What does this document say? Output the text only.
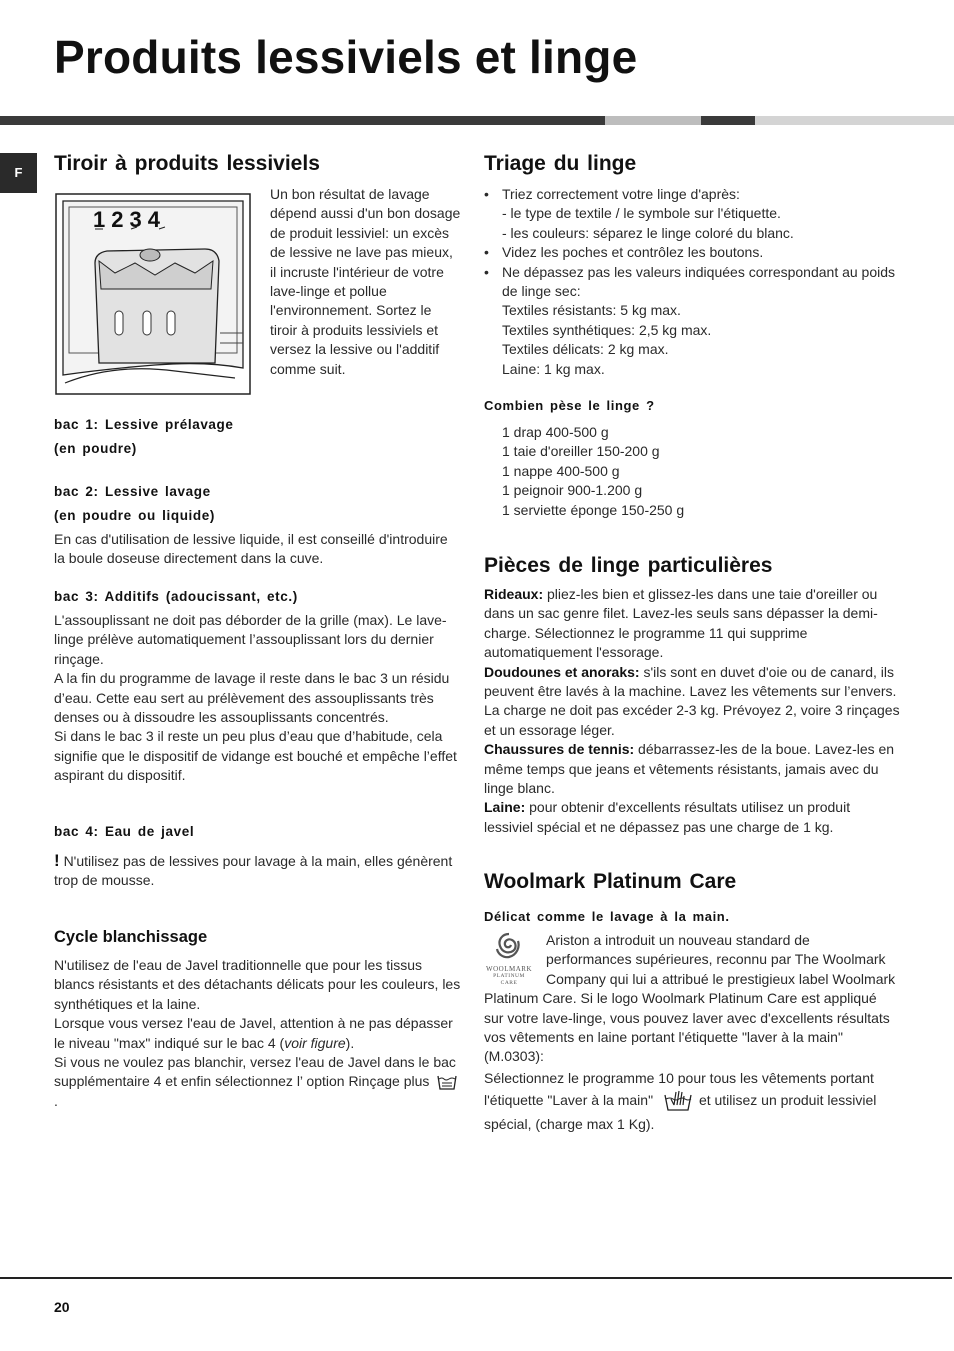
Produits lessiviels et linge
F	Tiroir à produits lessiviels
1234
Un bon résultat de lavage dépend aussi d'un bon dosage de produit lessiviel: un excès de lessive ne lave pas mieux, il incruste l'intérieur de votre lave-linge et pollue l'environnement. Sortez le tiroir à produits lessiviels et versez la lessive ou l'additif comme suit.

bac 1: Lessive prélavage

(en poudre)

bac 2: Lessive lavage

(en poudre ou liquide)

En cas d'utilisation de lessive liquide, il est conseillé d'introduire la boule doseuse directement dans la cuve.

bac 3: Additifs (adoucissant, etc.)

L'assouplissant ne doit pas déborder de la grille (max). Le lave-linge prélève automatiquement l’assouplissant lors du dernier rinçage.

A la fin du programme de lavage il reste dans le bac 3 un résidu d’eau. Cette eau sert au prélèvement des assouplissants très denses ou à dissoudre les assouplissants concentrés.

Si dans le bac 3 il reste un peu plus d’eau que d’habitude, cela signifie que le dispositif de vidange est bouché et empêche l’effet aspirant du dispositif.

bac 4: Eau de javel

! N'utilisez pas de lessives pour lavage à la main, elles génèrent trop de mousse.
Cycle blanchissage

N'utilisez de l'eau de Javel traditionnelle que pour les tissus blancs résistants et des détachants délicats pour les couleurs, les synthétiques et la laine.

Lorsque vous versez l'eau de Javel, attention à ne pas dépasser le niveau "max" indiqué sur le bac 4 (voir figure).

Si vous ne voulez pas blanchir, versez l'eau de Javel dans le bac supplémentaire 4 et enfin sélectionnez l’ option Rinçage plus .

Triage du linge

• Triez correctement votre linge d'après:

- le type de textile / le symbole sur l'étiquette.

- les couleurs: séparez le linge coloré du blanc.

• Videz les poches et contrôlez les boutons.

• Ne dépassez pas les valeurs indiquées correspondant au poids de linge sec:

Textiles résistants: 5 kg max.

Textiles synthétiques: 2,5 kg max.

Textiles délicats: 2 kg max.

Laine: 1 kg max.

Combien pèse le linge ?

1 drap 400-500 g

1 taie d'oreiller 150-200 g

1 nappe 400-500 g

1 peignoir 900-1.200 g

1 serviette éponge 150-250 g

Pièces de linge particulières

Rideaux: pliez-les bien et glissez-les dans une taie d'oreiller ou dans un sac genre filet. Lavez-les seuls sans dépasser la demi-charge. Sélectionnez le programme 11 qui supprime automatiquement l'essorage.

Doudounes et anoraks: s'ils sont en duvet d'oie ou de canard, ils peuvent être lavés à la machine. Lavez les vêtements sur l’envers. La charge ne doit pas excéder 2-3 kg. Prévoyez 2, voire 3 rinçages et un essorage léger.

Chaussures de tennis: débarrassez-les de la boue. Lavez-les en même temps que jeans et vêtements résistants, jamais avec du linge blanc.

Laine: pour obtenir d'excellents résultats utilisez un produit lessiviel spécial et ne dépassez pas une charge de 1 kg.

Woolmark Platinum Care

Délicat comme le lavage à la main.

WOOLMARK
PLATINUM
CARE

Ariston a introduit un nouveau standard de performances supérieures, reconnu par The Woolmark Company qui lui a attribué le prestigieux label Woolmark Platinum Care. Si le logo Woolmark Platinum Care est appliqué sur votre lave-linge, vous pouvez laver avec d'excellents résultats vos vêtements en laine portant l'étiquette "laver à la main" (M.0303):

Sélectionnez le programme 10 pour tous les vêtements portant l'étiquette "Laver à la main"	et utilisez un produit lessiviel spécial, (charge max 1 Kg).

20
